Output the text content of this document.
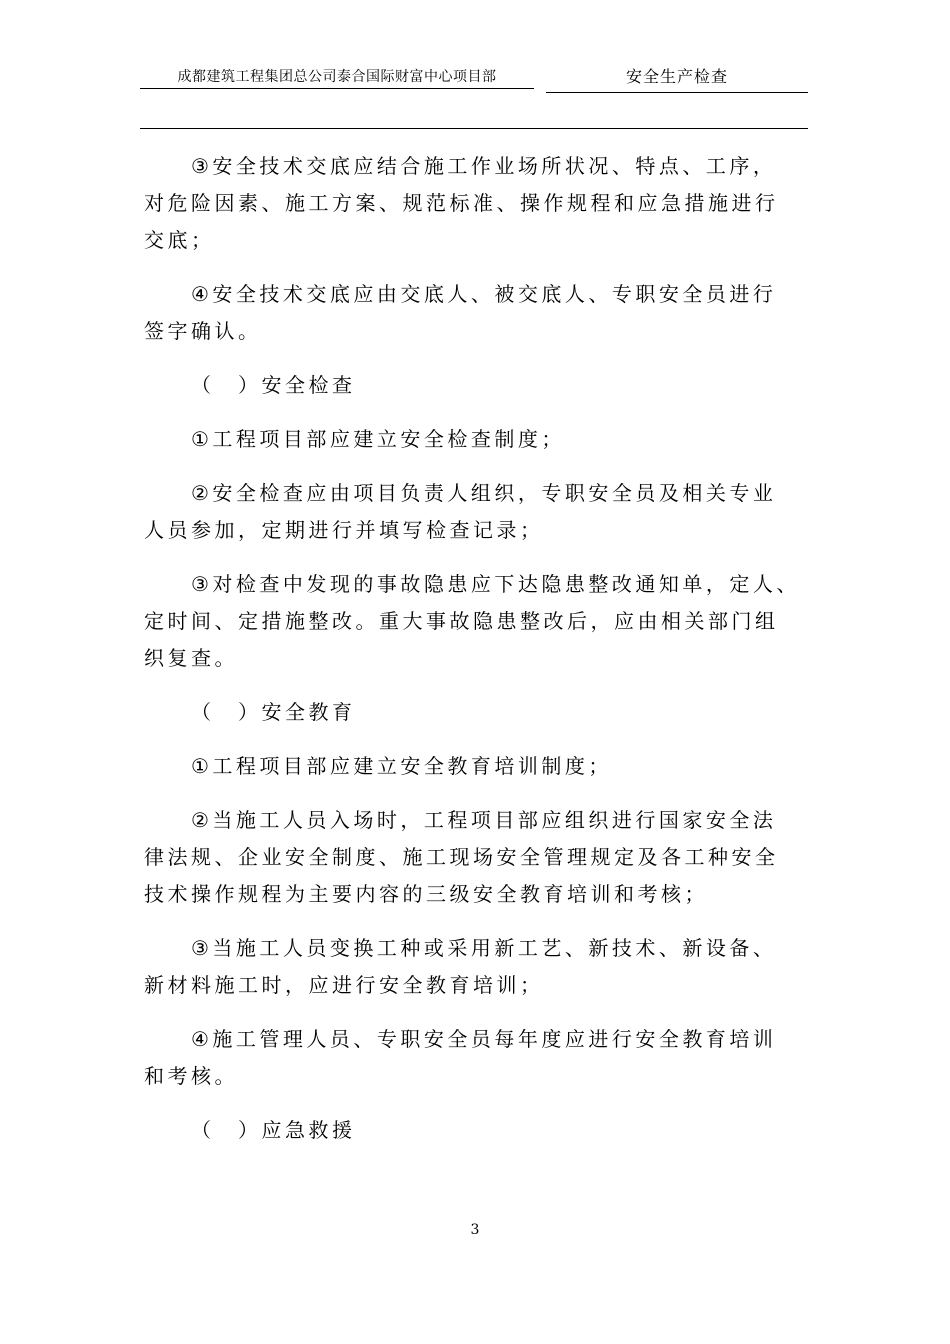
成都建筑工程集团总公司泰合国际财富中心项目部	安全生产检查

③安全技术交底应结合施工作业场所状况、特点、工序，
对危险因素、施工方案、规范标准、操作规程和应急措施进行
交底；

④安全技术交底应由交底人、被交底人、专职安全员进行
签字确认。

（　）安全检查

①工程项目部应建立安全检查制度；

②安全检查应由项目负责人组织，专职安全员及相关专业
人员参加，定期进行并填写检查记录；

③对检查中发现的事故隐患应下达隐患整改通知单，定人、
定时间、定措施整改。重大事故隐患整改后，应由相关部门组
织复查。

（　）安全教育

①工程项目部应建立安全教育培训制度；

②当施工人员入场时，工程项目部应组织进行国家安全法
律法规、企业安全制度、施工现场安全管理规定及各工种安全
技术操作规程为主要内容的三级安全教育培训和考核；

③当施工人员变换工种或采用新工艺、新技术、新设备、
新材料施工时，应进行安全教育培训；

④施工管理人员、专职安全员每年度应进行安全教育培训
和考核。

（　）应急救援

3
